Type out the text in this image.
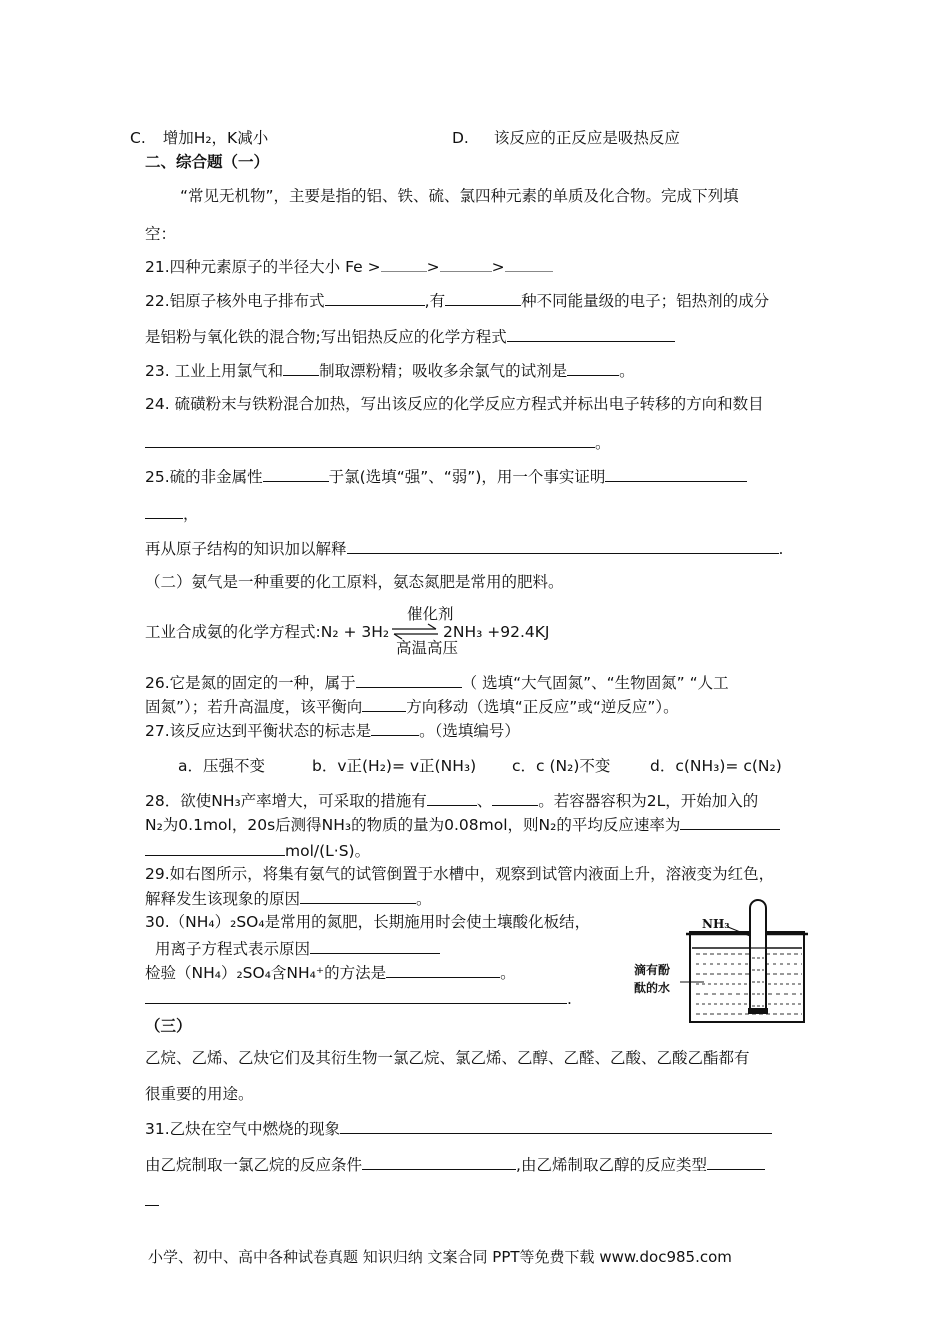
C. 增加H₂，K减小	D. 该反应的正反应是吸热反应
二、综合题（一）
“常见无机物”，主要是指的铝、铁、硫、氯四种元素的单质及化合物。完成下列填
空：
21.四种元素原子的半径大小 Fe >	>	>
22.铝原子核外电子排布式	,有	种不同能量级的电子；铝热剂的成分
是铝粉与氧化铁的混合物;写出铝热反应的化学方程式
23. 工业上用氯气和 制取漂粉精；吸收多余氯气的试剂是	。
24. 硫磺粉末与铁粉混合加热，写出该反应的化学反应方程式并标出电子转移的方向和数目
。
25.硫的非金属性	于氯(选填“强”、“弱”)，用一个事实证明
，
再从原子结构的知识加以解释	.
（二）氨气是一种重要的化工原料，氨态氮肥是常用的肥料。
工业合成氨的化学方程式:N₂ + 3H₂
催化剂
⇌ 2NH₃ +92.4KJ
高温高压
26.它是氮的固定的一种，属于	（ 选填“大气固氮”、“生物固氮” “人工
固氮”）；若升高温度，该平衡向	方向移动（选填“正反应”或“逆反应”）。
27.该反应达到平衡状态的标志是	。（选填编号）
a．压强不变	b．v正(H₂)= v正(NH₃) c．c (N₂)不变	d．c(NH₃)= c(N₂)
28．欲使NH₃产率增大，可采取的措施有	、	。若容器容积为2L，开始加入的
N₂为0.1mol，20s后测得NH₃的物质的量为0.08mol，则N₂的平均反应速率为
mol/(L·S)。
29.如右图所示，将集有氨气的试管倒置于水槽中，观察到试管内液面上升，溶液变为红色，
解释发生该现象的原因	。
30.（NH₄）₂SO₄是常用的氮肥，长期施用时会使土壤酸化板结，
用离子方程式表示原因
检验（NH₄）₂SO₄含NH₄⁺的方法是	。
.
NH₃
滴有酚
酞的水
（三）
乙烷、乙烯、乙炔它们及其衍生物一氯乙烷、氯乙烯、乙醇、乙醛、乙酸、乙酸乙酯都有
很重要的用途。
31.乙炔在空气中燃烧的现象
由乙烷制取一氯乙烷的反应条件	,由乙烯制取乙醇的反应类型
小学、初中、高中各种试卷真题 知识归纳 文案合同 PPT等免费下载 www.doc985.com
